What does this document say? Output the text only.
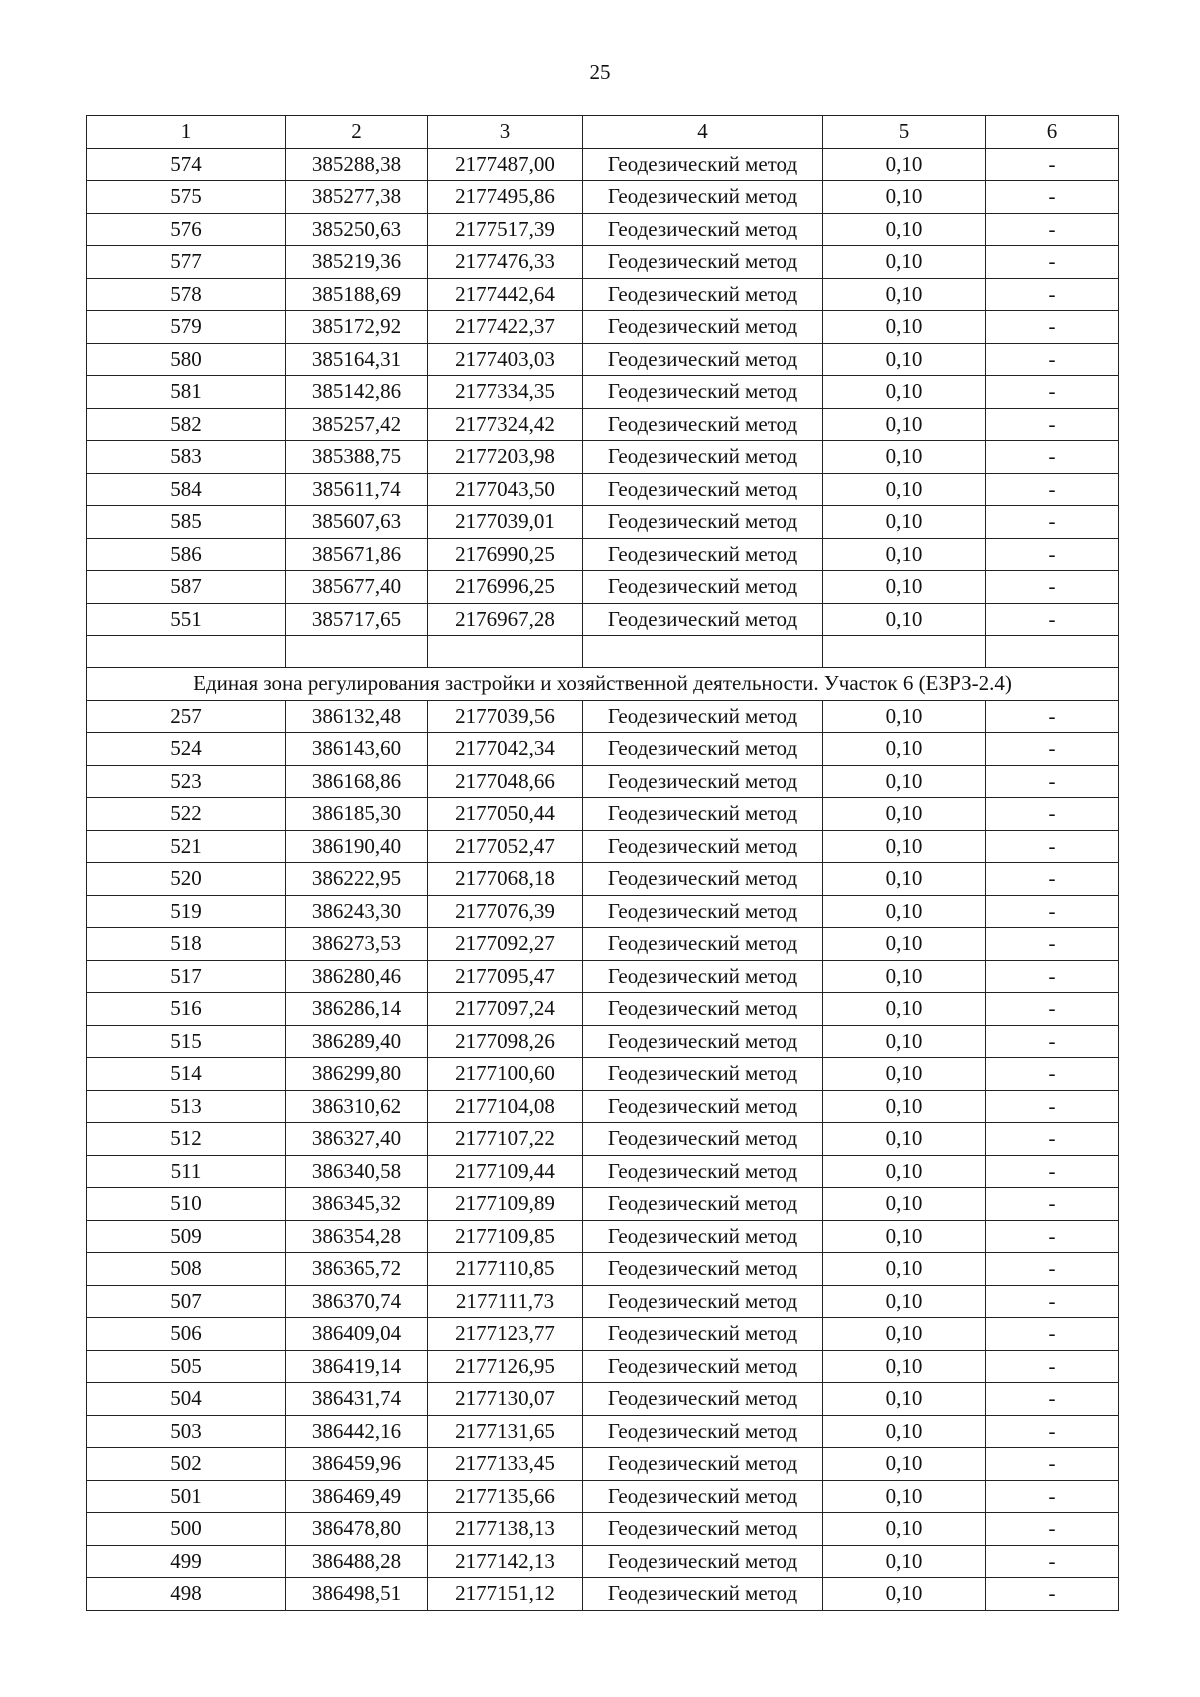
25
1	2	3	4	5	6
574	385288,38	2177487,00	Геодезический метод	0,10	-
575	385277,38	2177495,86	Геодезический метод	0,10	-
576	385250,63	2177517,39	Геодезический метод	0,10	-
577	385219,36	2177476,33	Геодезический метод	0,10	-
578	385188,69	2177442,64	Геодезический метод	0,10	-
579	385172,92	2177422,37	Геодезический метод	0,10	-
580	385164,31	2177403,03	Геодезический метод	0,10	-
581	385142,86	2177334,35	Геодезический метод	0,10	-
582	385257,42	2177324,42	Геодезический метод	0,10	-
583	385388,75	2177203,98	Геодезический метод	0,10	-
584	385611,74	2177043,50	Геодезический метод	0,10	-
585	385607,63	2177039,01	Геодезический метод	0,10	-
586	385671,86	2176990,25	Геодезический метод	0,10	-
587	385677,40	2176996,25	Геодезический метод	0,10	-
551	385717,65	2176967,28	Геодезический метод	0,10	-

Единая зона регулирования застройки и хозяйственной деятельности. Участок 6 (ЕЗРЗ-2.4)					
257	386132,48	2177039,56	Геодезический метод	0,10	-
524	386143,60	2177042,34	Геодезический метод	0,10	-
523	386168,86	2177048,66	Геодезический метод	0,10	-
522	386185,30	2177050,44	Геодезический метод	0,10	-
521	386190,40	2177052,47	Геодезический метод	0,10	-
520	386222,95	2177068,18	Геодезический метод	0,10	-
519	386243,30	2177076,39	Геодезический метод	0,10	-
518	386273,53	2177092,27	Геодезический метод	0,10	-
517	386280,46	2177095,47	Геодезический метод	0,10	-
516	386286,14	2177097,24	Геодезический метод	0,10	-
515	386289,40	2177098,26	Геодезический метод	0,10	-
514	386299,80	2177100,60	Геодезический метод	0,10	-
513	386310,62	2177104,08	Геодезический метод	0,10	-
512	386327,40	2177107,22	Геодезический метод	0,10	-
511	386340,58	2177109,44	Геодезический метод	0,10	-
510	386345,32	2177109,89	Геодезический метод	0,10	-
509	386354,28	2177109,85	Геодезический метод	0,10	-
508	386365,72	2177110,85	Геодезический метод	0,10	-
507	386370,74	2177111,73	Геодезический метод	0,10	-
506	386409,04	2177123,77	Геодезический метод	0,10	-
505	386419,14	2177126,95	Геодезический метод	0,10	-
504	386431,74	2177130,07	Геодезический метод	0,10	-
503	386442,16	2177131,65	Геодезический метод	0,10	-
502	386459,96	2177133,45	Геодезический метод	0,10	-
501	386469,49	2177135,66	Геодезический метод	0,10	-
500	386478,80	2177138,13	Геодезический метод	0,10	-
499	386488,28	2177142,13	Геодезический метод	0,10	-
498	386498,51	2177151,12	Геодезический метод	0,10	-
